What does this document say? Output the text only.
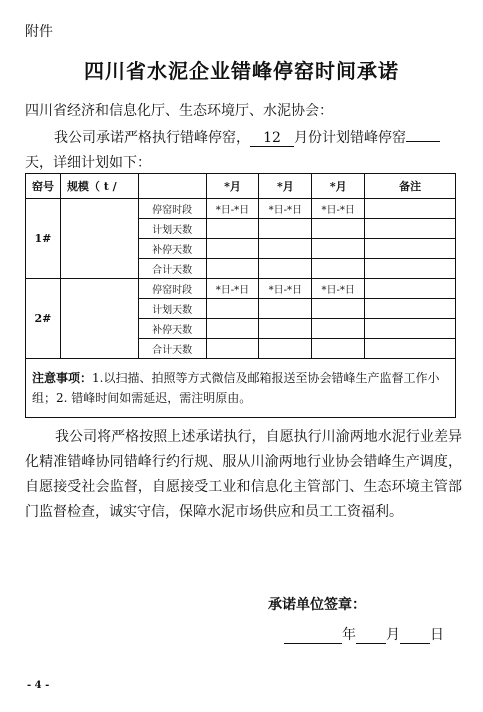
附件
四川省水泥企业错峰停窑时间承诺
四川省经济和信息化厅、生态环境厅、水泥协会：
我公司承诺严格执行错峰停窑， 12 月份计划错峰停窑
天，详细计划如下：
窑号	规模（ t /		*月	*月	*月	备注
1#		停窑时段	*日-*日	*日-*日	*日-*日	
		计划天数				
		补停天数				
		合计天数				
2#		停窑时段	*日-*日	*日-*日	*日-*日	
		计划天数				
		补停天数				
		合计天数				
注意事项：1.以扫描、拍照等方式微信及邮箱报送至协会错峰生产监督工作小组；2. 错峰时间如需延迟，需注明原由。						
我公司将严格按照上述承诺执行，自愿执行川渝两地水泥行业差异化精准错峰协同错峰行约行规、服从川渝两地行业协会错峰生产调度，自愿接受社会监督，自愿接受工业和信息化主管部门、生态环境主管部门监督检查，诚实守信，保障水泥市场供应和员工工资福利。
承诺单位签章：
年 月 日
- 4 -
